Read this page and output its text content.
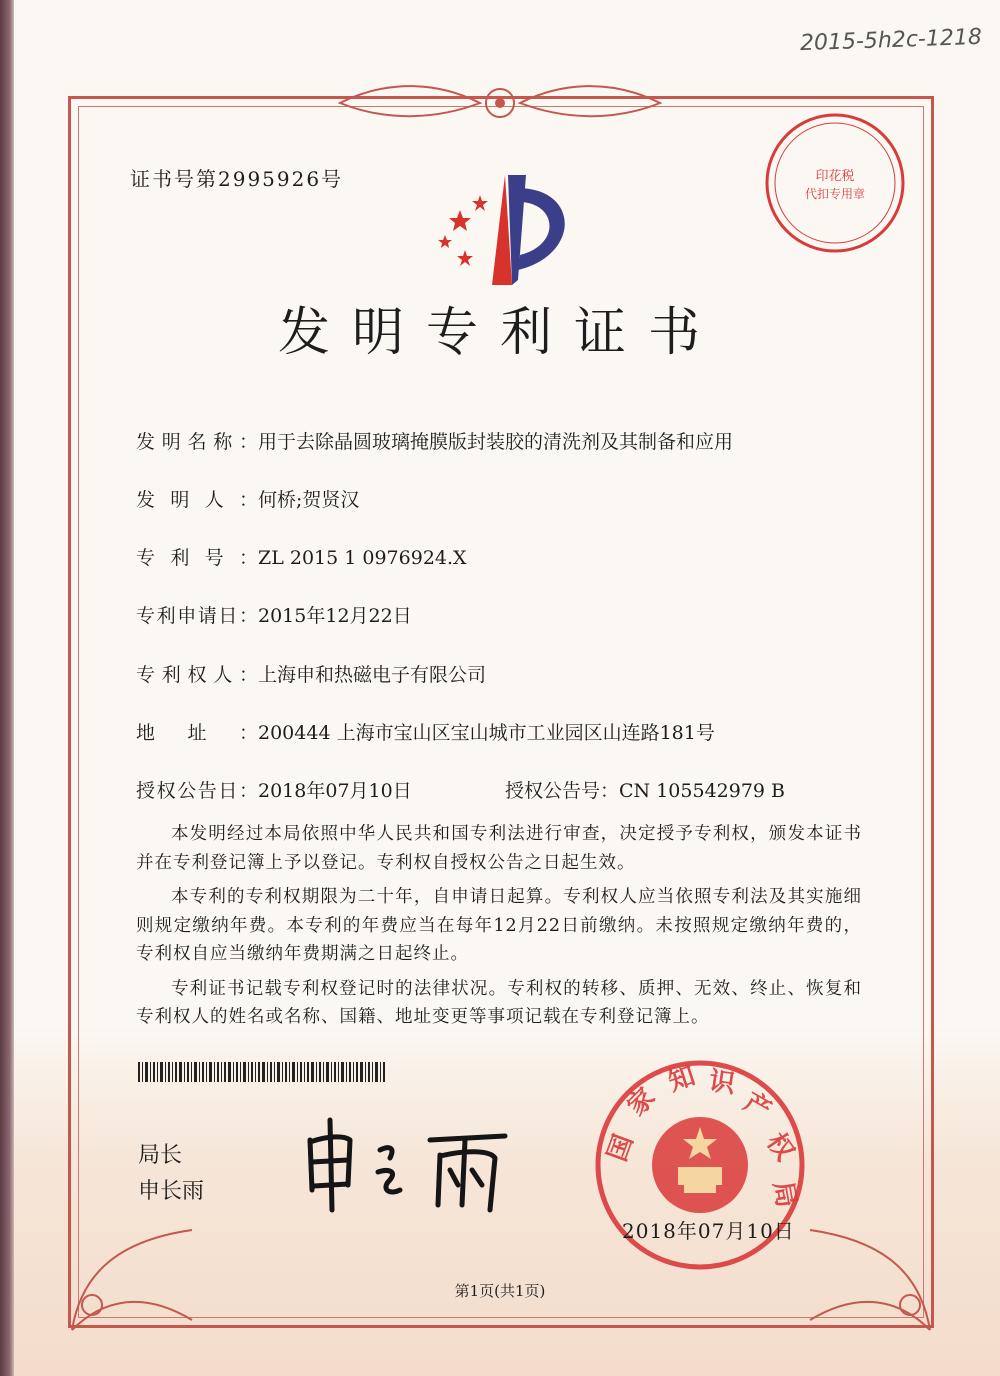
2015-5h2c-1218
证书号第2995926号	印花税
代扣专用章
发明专利证书
发明名称：用于去除晶圆玻璃掩膜版封装胶的清洗剂及其制备和应用
发明人：何桥;贺贤汉
专利号：ZL 2015 1 0976924.X
专利申请日：2015年12月22日
专利权人：上海申和热磁电子有限公司
地址：200444 上海市宝山区宝山城市工业园区山连路181号
授权公告日：2018年07月10日	授权公告号：CN 105542979 B

本发明经过本局依照中华人民共和国专利法进行审查，决定授予专利权，颁发本证书并在专利登记簿上予以登记。专利权自授权公告之日起生效。

本专利的专利权期限为二十年，自申请日起算。专利权人应当依照专利法及其实施细则规定缴纳年费。本专利的年费应当在每年12月22日前缴纳。未按照规定缴纳年费的，专利权自应当缴纳年费期满之日起终止。

专利证书记载专利权登记时的法律状况。专利权的转移、质押、无效、终止、恢复和专利权人的姓名或名称、国籍、地址变更等事项记载在专利登记簿上。

局长
申长雨
国
家
知 识
产
权
局
2018年07月10日
第1页(共1页)
